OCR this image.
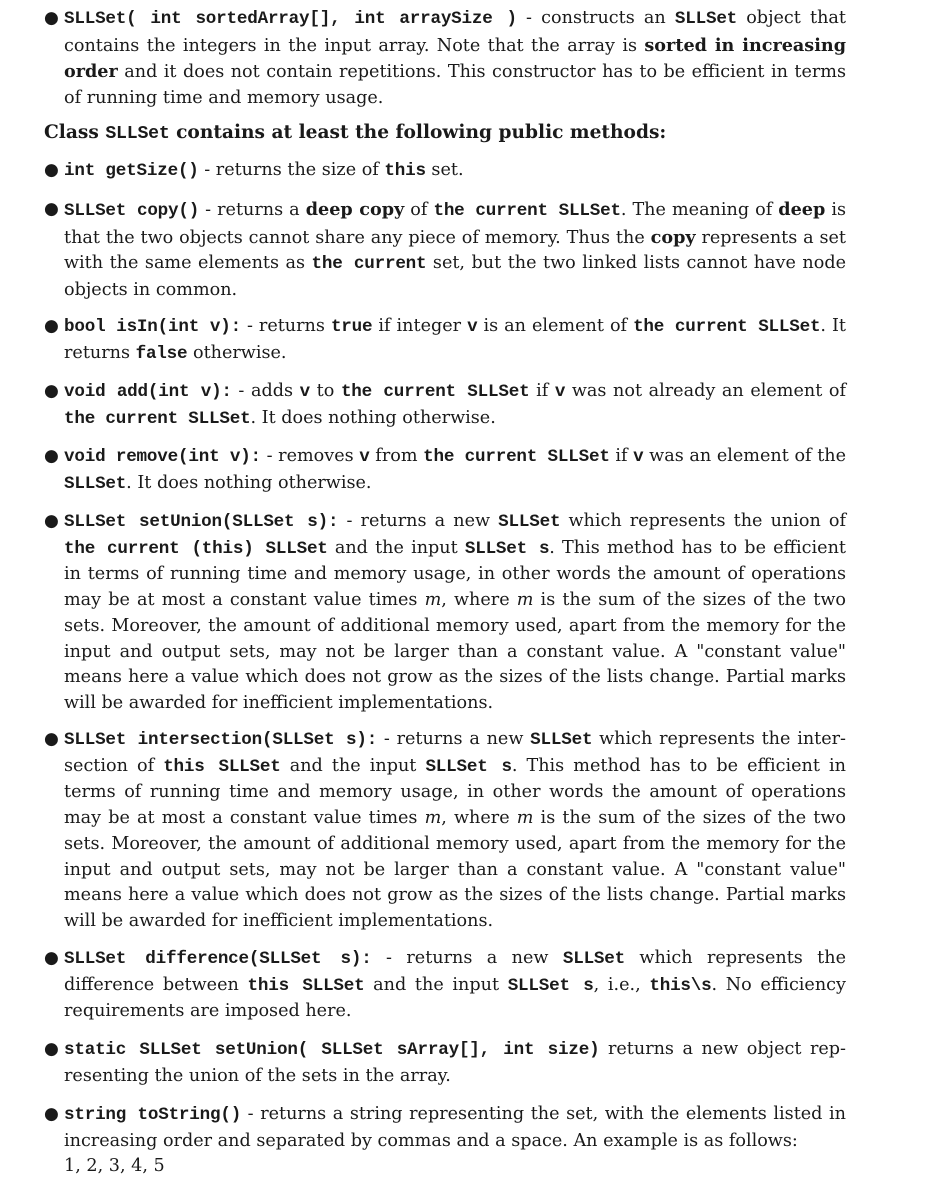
● SLLSet( int sortedArray[], int arraySize ) - constructs an SLLSet object that contains the integers in the input array. Note that the array is sorted in increasing order and it does not contain repetitions. This constructor has to be efficient in terms of running time and memory usage.
Class SLLSet contains at least the following public methods:
● int getSize() - returns the size of this set.
● SLLSet copy() - returns a deep copy of the current SLLSet. The meaning of deep is that the two objects cannot share any piece of memory. Thus the copy represents a set with the same elements as the current set, but the two linked lists cannot have node objects in common.
● bool isIn(int v): - returns true if integer v is an element of the current SLLSet. It returns false otherwise.
● void add(int v): - adds v to the current SLLSet if v was not already an element of the current SLLSet. It does nothing otherwise.
● void remove(int v): - removes v from the current SLLSet if v was an element of the SLLSet. It does nothing otherwise.
● SLLSet setUnion(SLLSet s): - returns a new SLLSet which represents the union of the current (this) SLLSet and the input SLLSet s. This method has to be efficient in terms of running time and memory usage, in other words the amount of operations may be at most a constant value times m, where m is the sum of the sizes of the two sets. Moreover, the amount of additional memory used, apart from the memory for the input and output sets, may not be larger than a constant value. A "constant value" means here a value which does not grow as the sizes of the lists change. Partial marks will be awarded for inefficient implementations.
● SLLSet intersection(SLLSet s): - returns a new SLLSet which represents the inter-section of this SLLSet and the input SLLSet s. This method has to be efficient in terms of running time and memory usage, in other words the amount of operations may be at most a constant value times m, where m is the sum of the sizes of the two sets. Moreover, the amount of additional memory used, apart from the memory for the input and output sets, may not be larger than a constant value. A "constant value" means here a value which does not grow as the sizes of the lists change. Partial marks will be awarded for inefficient implementations.
● SLLSet difference(SLLSet s): - returns a new SLLSet which represents the difference between this SLLSet and the input SLLSet s, i.e., this\s. No efficiency requirements are imposed here.
● static SLLSet setUnion( SLLSet sArray[], int size) returns a new object rep-resenting the union of the sets in the array.
● string toString() - returns a string representing the set, with the elements listed in increasing order and separated by commas and a space. An example is as follows:
1, 2, 3, 4, 5
